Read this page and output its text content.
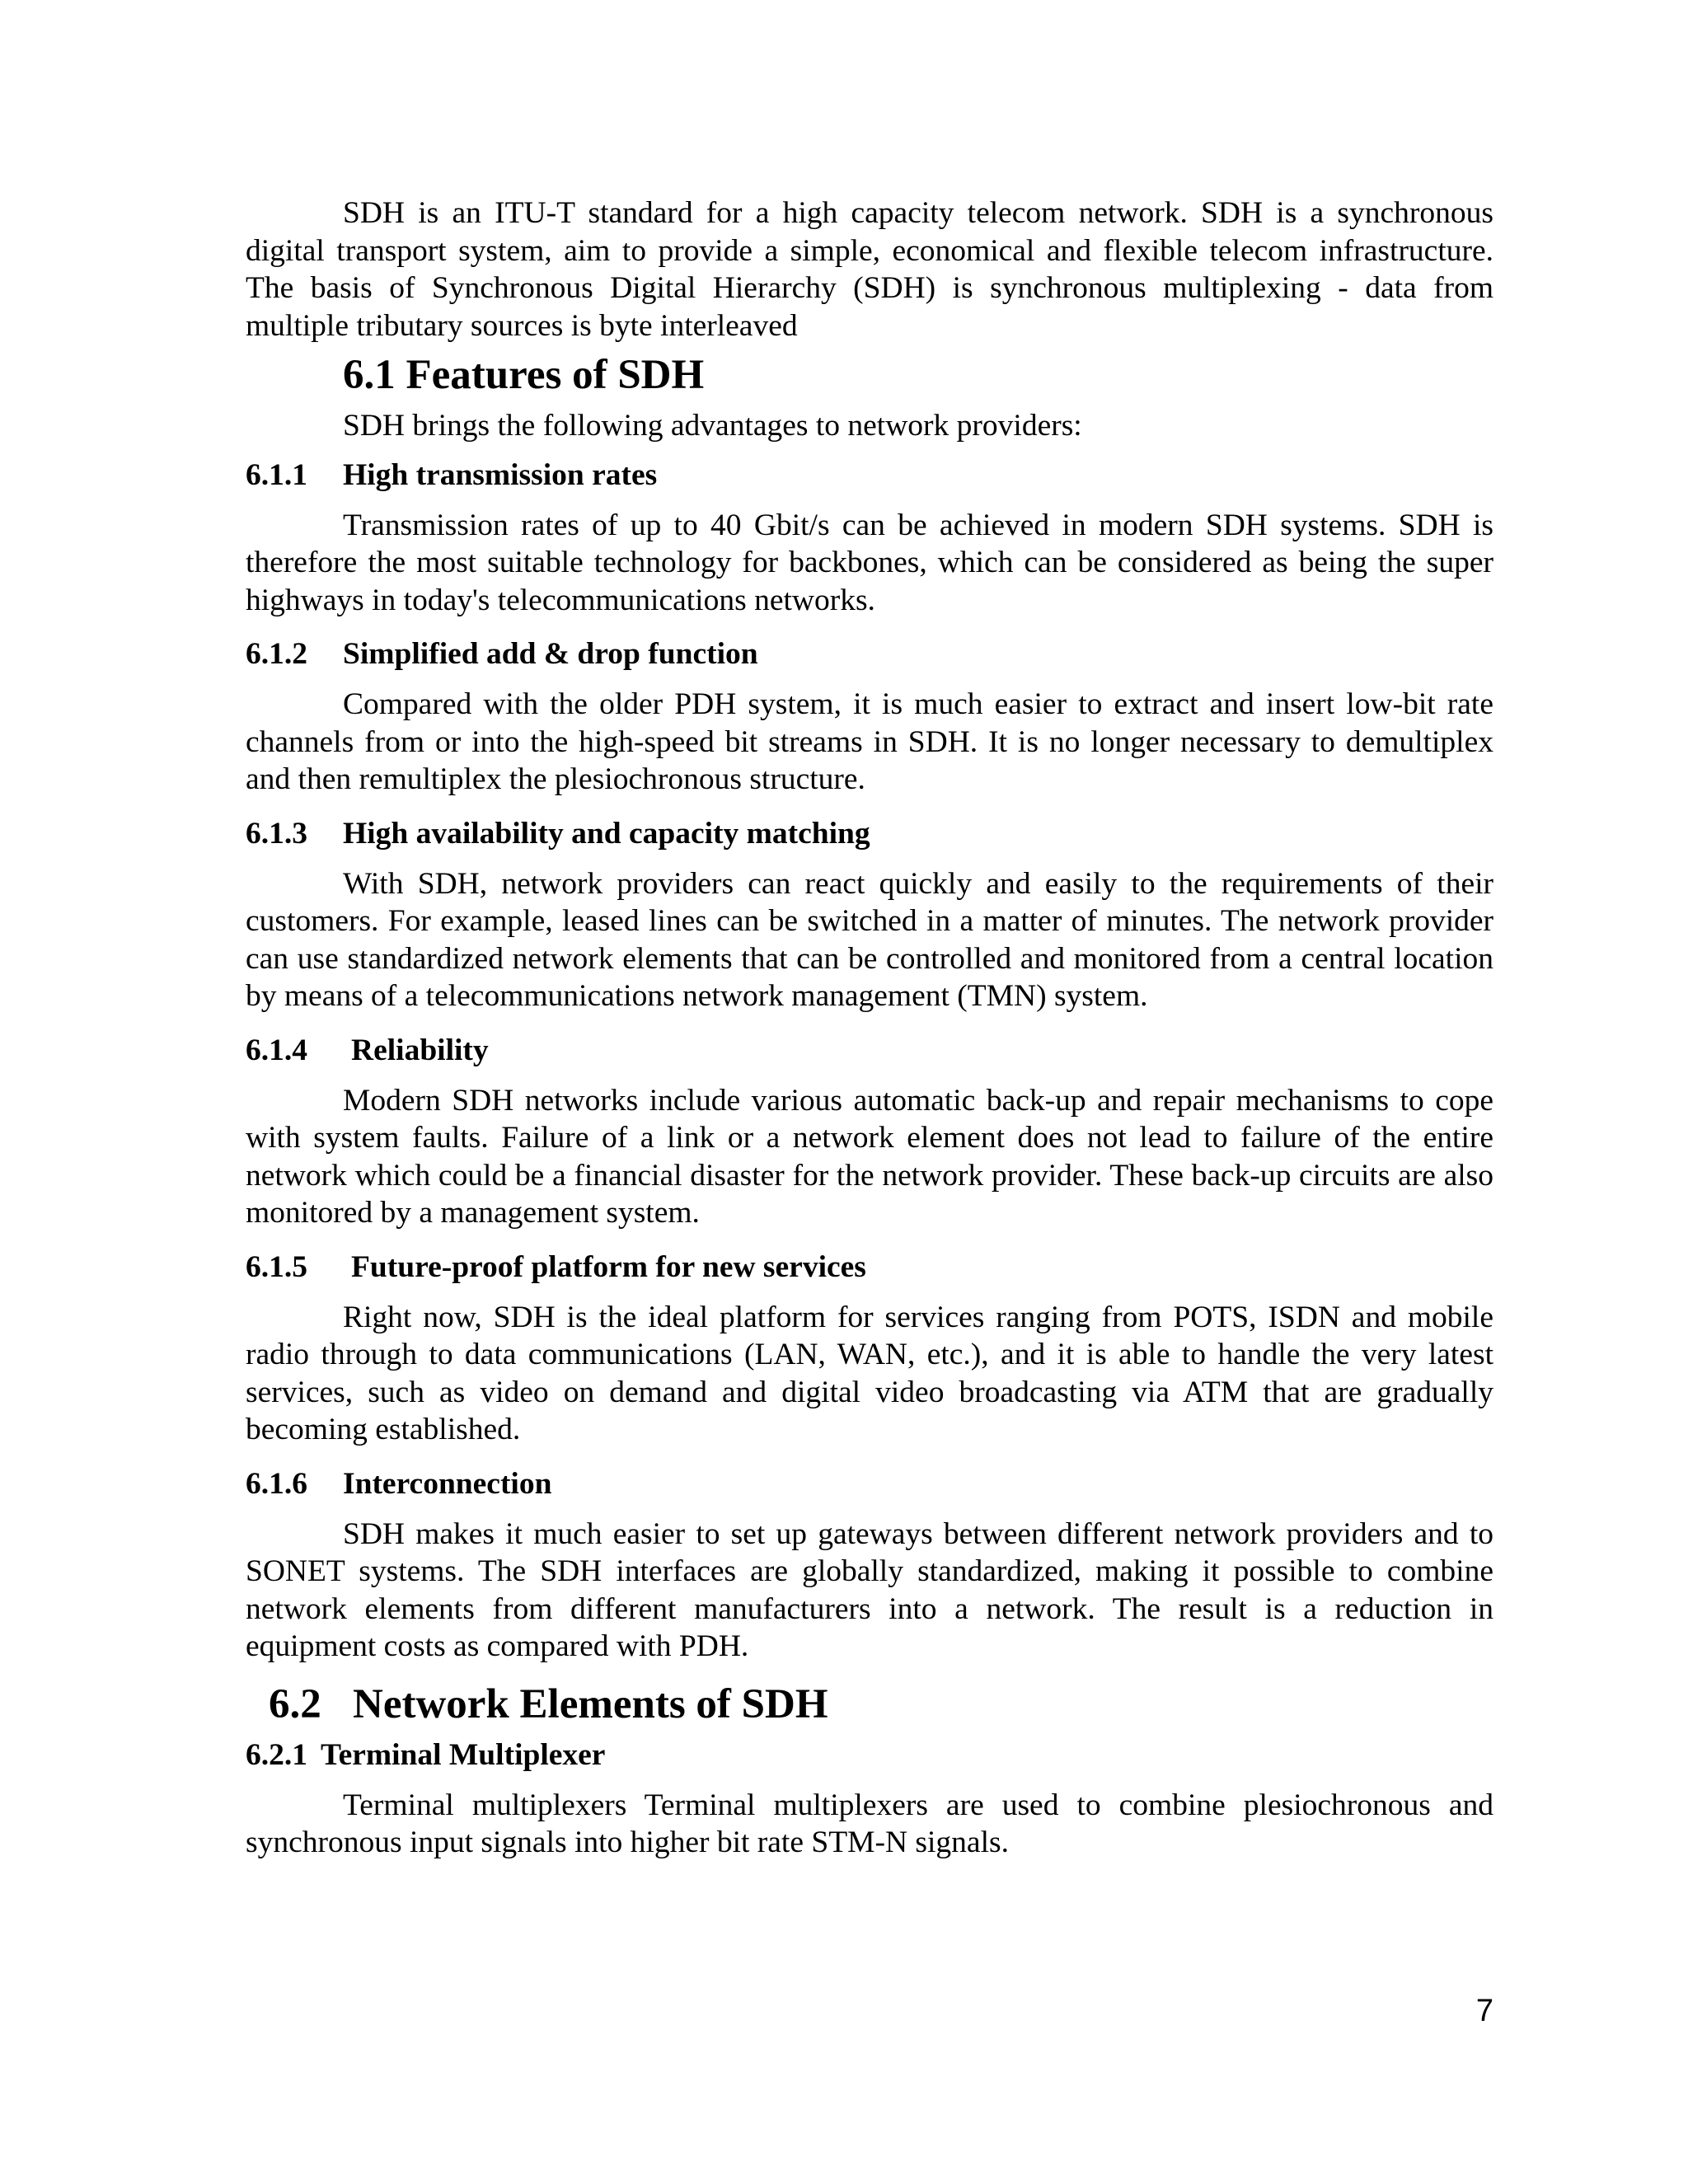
SDH is an ITU-T standard for a high capacity telecom network. SDH is a synchronous digital transport system, aim to provide a simple, economical and flexible telecom infrastructure. The basis of Synchronous Digital Hierarchy (SDH) is synchronous multiplexing - data from multiple tributary sources is byte interleaved

6.1 Features of SDH

SDH brings the following advantages to network providers:

6.1.1	High transmission rates

Transmission rates of up to 40 Gbit/s can be achieved in modern SDH systems. SDH is therefore the most suitable technology for backbones, which can be considered as being the super highways in today's telecommunications networks.

6.1.2	Simplified add & drop function

Compared with the older PDH system, it is much easier to extract and insert low-bit rate channels from or into the high-speed bit streams in SDH. It is no longer necessary to demultiplex and then remultiplex the plesiochronous structure.

6.1.3	High availability and capacity matching

With SDH, network providers can react quickly and easily to the requirements of their customers. For example, leased lines can be switched in a matter of minutes. The network provider can use standardized network elements that can be controlled and monitored from a central location by means of a telecommunications network management (TMN) system.

6.1.4	Reliability

Modern SDH networks include various automatic back-up and repair mechanisms to cope with system faults. Failure of a link or a network element does not lead to failure of the entire network which could be a financial disaster for the network provider. These back-up circuits are also monitored by a management system.

6.1.5	Future-proof platform for new services

Right now, SDH is the ideal platform for services ranging from POTS, ISDN and mobile radio through to data communications (LAN, WAN, etc.), and it is able to handle the very latest services, such as video on demand and digital video broadcasting via ATM that are gradually becoming established.

6.1.6	Interconnection

SDH makes it much easier to set up gateways between different network providers and to SONET systems. The SDH interfaces are globally standardized, making it possible to combine network elements from different manufacturers into a network. The result is a reduction in equipment costs as compared with PDH.

6.2 Network Elements of SDH
6.2.1 Terminal Multiplexer

Terminal multiplexers Terminal multiplexers are used to combine plesiochronous and synchronous input signals into higher bit rate STM-N signals.

7
